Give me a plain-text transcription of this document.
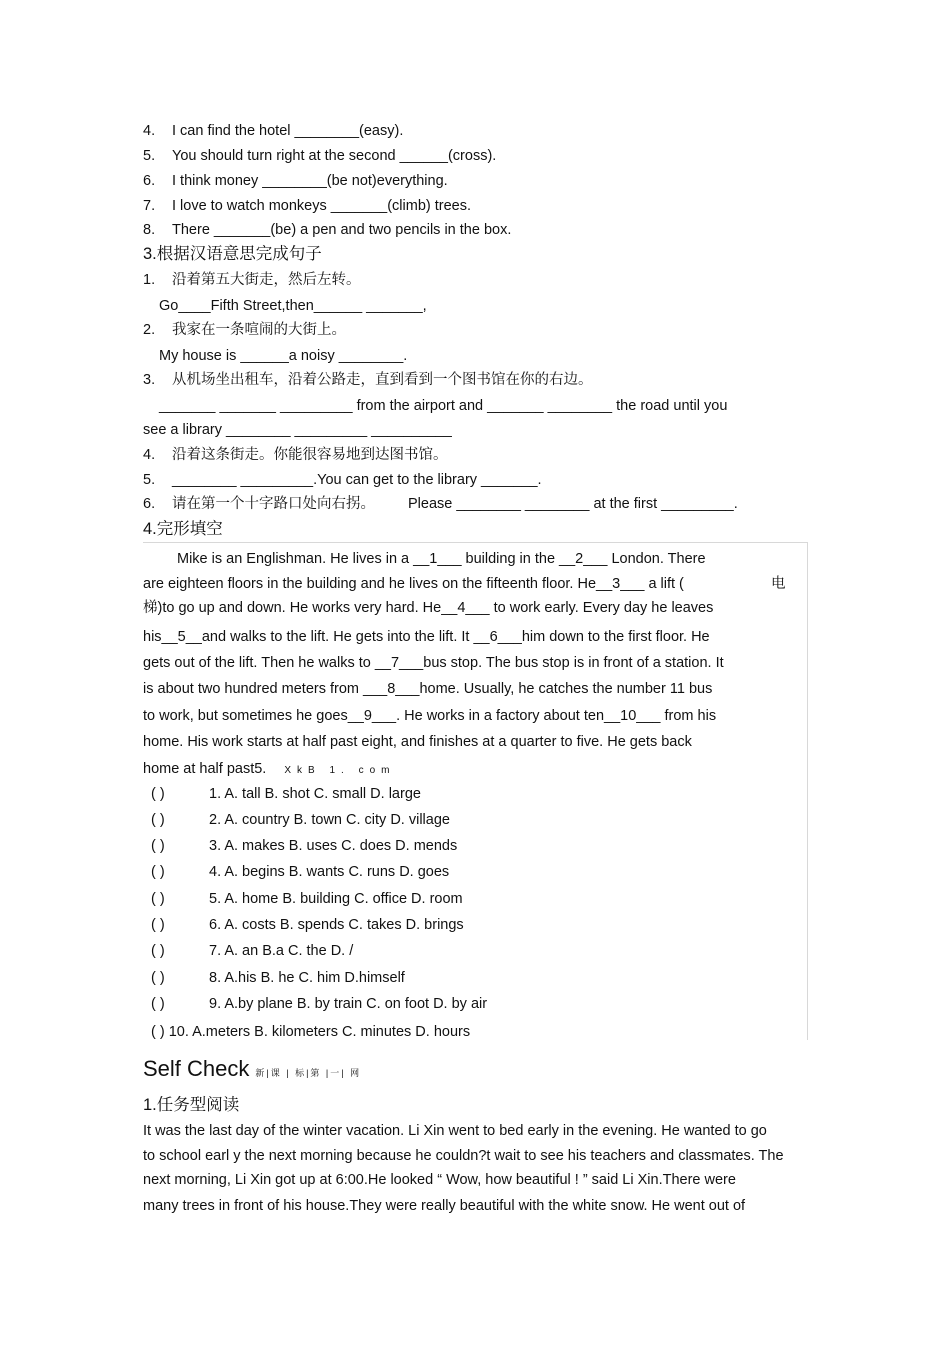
4. I can find the hotel ________(easy).
5. You should turn right at the second ______(cross).
6. I think money ________(be not)everything.
7. I love to watch monkeys _______(climb) trees.
8. There _______(be) a pen and two pencils in the box.
3.根据汉语意思完成句子
1. 沿着第五大街走，然后左转。
Go____Fifth Street,then______ _______,
2. 我家在一条喧闹的大街上。
My house is ______a noisy ________.
3. 从机场坐出租车，沿着公路走，直到看到一个图书馆在你的右边。
_______ _______ _________ from the airport and _______ ________ the road until you
see a library ________ _________ __________
4. 沿着这条街走。你能很容易地到达图书馆。
5. ________ _________.You can get to the library _______.
6. 请在第一个十字路口处向右拐。 Please ________ ________ at the first _________.
4.完形填空
Mike is an Englishman. He lives in a __1___ building in the __2___ London. There
are eighteen floors in the building and he lives on the fifteenth floor. He__3___ a lift (	电
梯)to go up and down. He works very hard. He__4___ to work early. Every day he leaves
his__5__and walks to the lift. He gets into the lift. It __6___him down to the first floor. He
gets out of the lift. Then he walks to __7___bus stop. The bus stop is in front of a station. It
is about two hundred meters from ___8___home. Usually, he catches the number 11 bus
to work, but sometimes he goes__9___. He works in a factory about ten__10___ from his
home. His work starts at half past eight, and finishes at a quarter to five. He gets back
home at half past5. XkB 1. com
( )	1. A. tall B. shot C. small D. large
( )	2. A. country B. town C. city D. village
( )	3. A. makes B. uses C. does D. mends
( )	4. A. begins B. wants C. runs D. goes
( )	5. A. home B. building C. office D. room
( )	6. A. costs B. spends C. takes D. brings
( )	7. A. an B.a C. the D. /
( )	8. A.his B. he C. him D.himself
( )	9. A.by plane B. by train C. on foot D. by air
( ) 10. A.meters B. kilometers C. minutes D. hours
Self Check 新|课 | 标|第 |一| 网
1.任务型阅读
It was the last day of the winter vacation. Li Xin went to bed early in the evening. He wanted to go
to school earl y the next morning because he couldn?t wait to see his teachers and classmates. The
next morning, Li Xin got up at 6:00.He looked “ Wow, how beautiful ! ” said Li Xin.There were
many trees in front of his house.They were really beautiful with the white snow. He went out of
